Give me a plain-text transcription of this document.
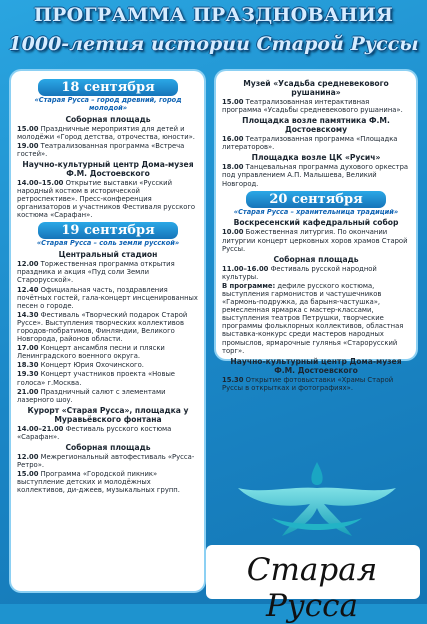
ПРОГРАММА ПРАЗДНОВАНИЯ
1000-летия истории Старой Руссы
18 сентября
«Старая Русса – город древний, город молодой»
Соборная площадь
15.00 Праздничные мероприятия для детей и молодёжи «Город детства, отрочества, юности».
19.00 Театрализованная программа «Встреча гостей».
Научно-культурный центр Дома-музея Ф.М. Достоевского
14.00–15.00 Открытие выставки «Русский народный костюм в исторической ретроспективе». Пресс-конференция организаторов и участников Фестиваля русского костюма «Сарафан».
19 сентября
«Старая Русса – соль земли русской»
Центральный стадион
12.00 Торжественная программа открытия праздника и акция «Пуд соли Земли Старорусской».
12.40 Официальная часть, поздравления почётных гостей, гала-концерт инсценированных песен о городе.
14.30 Фестиваль «Творческий подарок Старой Руссе». Выступления творческих коллективов городов-побратимов, Финляндии, Великого Новгорода, районов области.
17.00 Концерт ансамбля песни и пляски Ленинградского военного округа.
18.30 Концерт Юрия Охочинского.
19.30 Концерт участников проекта «Новые голоса» г.Москва.
21.00 Праздничный салют с элементами лазерного шоу.
Курорт «Старая Русса», площадка у Муравьёвского фонтана
14.00–21.00 Фестиваль русского костюма «Сарафан».
Соборная площадь
12.00 Межрегиональный автофестиваль «Русса-Ретро».
15.00 Программа «Городской пикник» выступление детских и молодёжных коллективов, ди-джеев, музыкальных групп.
Музей «Усадьба средневекового рушанина»
15.00 Театрализованная интерактивная программа «Усадьбы средневекового рушанина».
Площадка возле памятника Ф.М. Достоевскому
16.00 Театрализованная программа «Площадка литераторов».
Площадка возле ЦК «Русич»
18.00 Танцевальная программа духового оркестра под управлением А.П. Малышева, Великий Новгород.
20 сентября
«Старая Русса – хранительница традиций»
Воскресенский кафедральный собор
10.00 Божественная литургия. По окончании литургии концерт церковных хоров храмов Старой Руссы.
Соборная площадь
11.00–16.00 Фестиваль русской народной культуры.
В программе: дефиле русского костюма, выступления гармонистов и частушечников «Гармонь-подружка, да барыня-частушка», ремесленная ярмарка с мастер-классами, выступления театров Петрушки, творческие программы фольклорных коллективов, областная выставка-конкурс среди мастеров народных промыслов, ярмарочные гулянья «Старорусский торг».
Научно-культурный центр Дома-музея Ф.М. Достоевского
15.30 Открытие фотовыставки «Храмы Старой Руссы в открытках и фотографиях».
Старая Русса
